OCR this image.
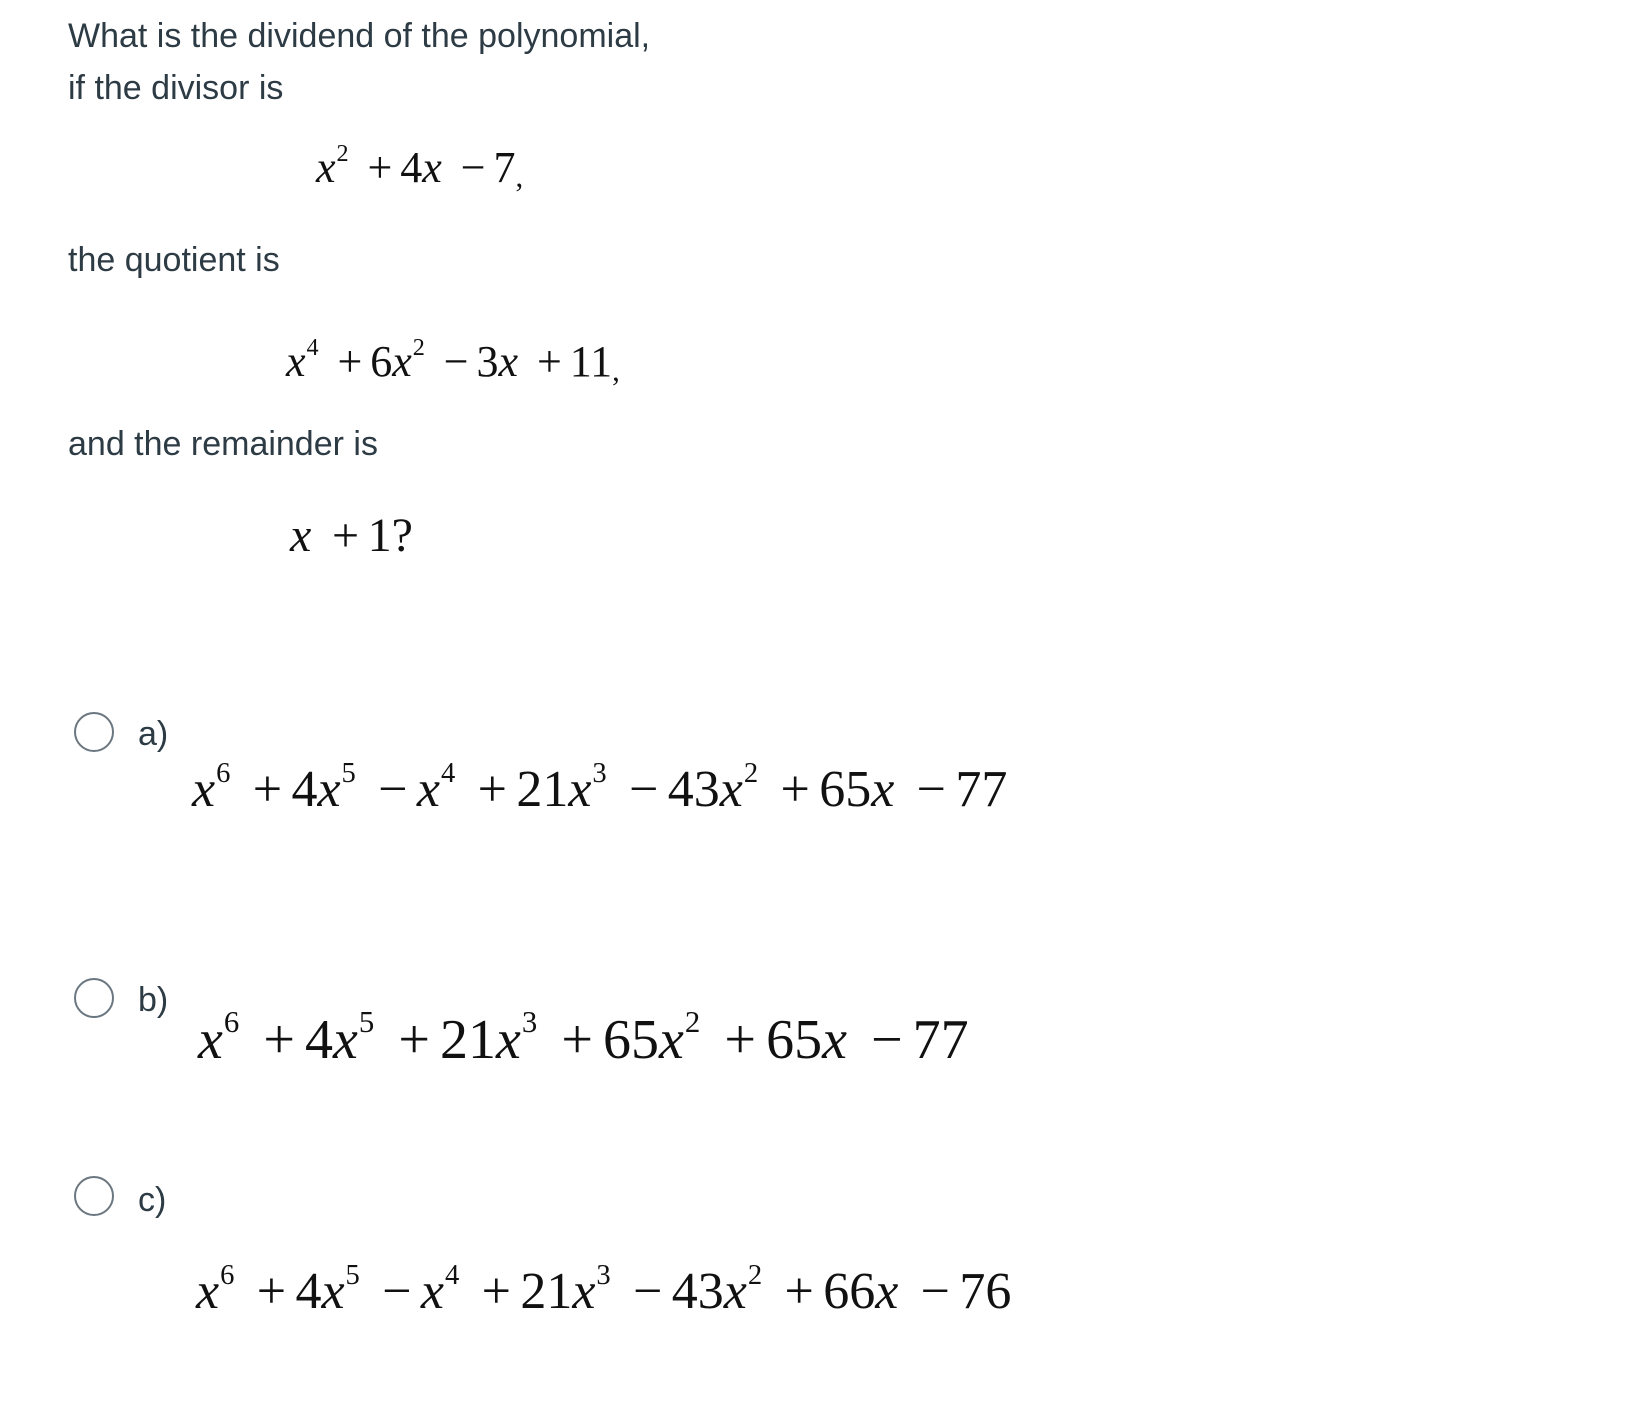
What is the dividend of the polynomial,
if the divisor is
$x^2 + 4x - 7$,
the quotient is
$x^4 + 6x^2 - 3x + 11$,
and the remainder is
x + 1?
a)
$x^6 + 4x^5 - x^4 + 21x^3 - 43x^2 + 65x - 77$
b)
$x^6 + 4x^5 + 21x^3 + 65x^2 + 65x - 77$
c)
$x^6 + 4x^5 - x^4 + 21x^3 - 43x^2 + 66x - 76$
